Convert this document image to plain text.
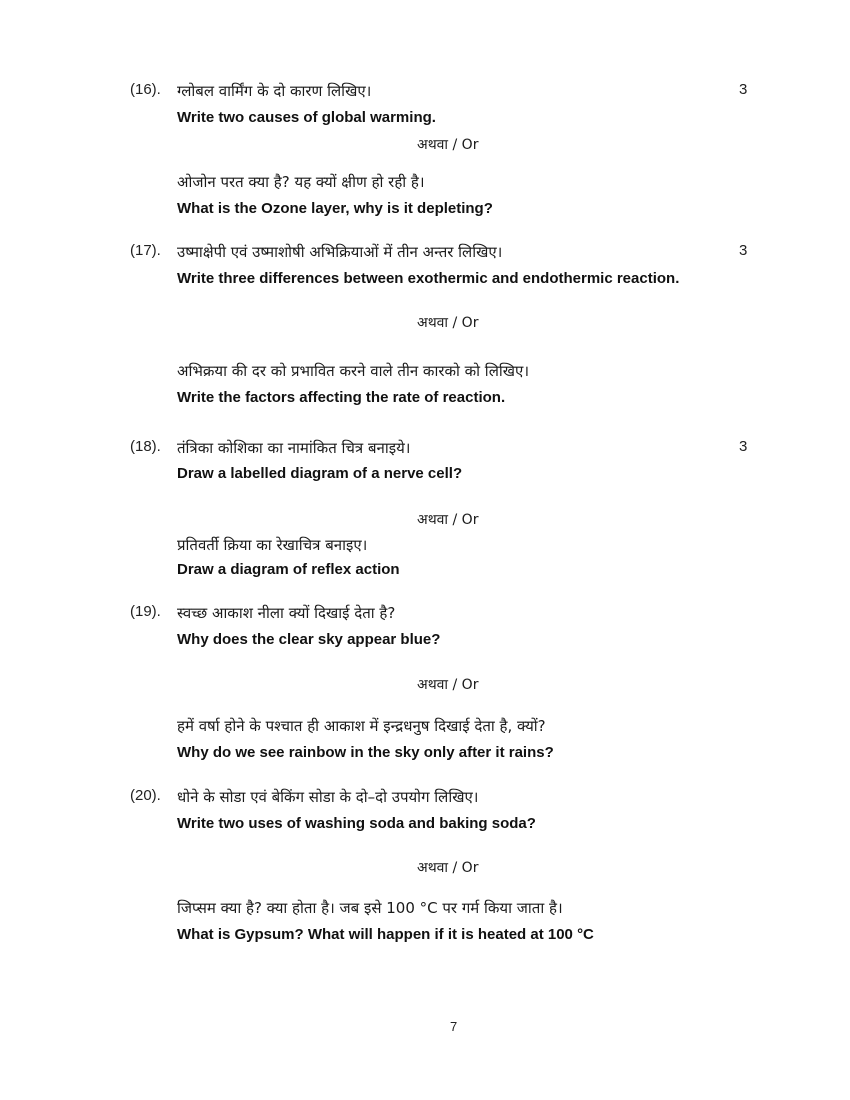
(16). ग्लोबल वार्मिंग के दो कारण लिखिए।	3
Write two causes of global warming.
अथवा / Or
ओजोन परत क्या है? यह क्यों क्षीण हो रही है।
What is the Ozone layer, why is it depleting?
(17). उष्माक्षेपी एवं उष्माशोषी अभिक्रियाओं में तीन अन्तर लिखिए।	3
Write three differences between exothermic and endothermic reaction.
अथवा / Or
अभिक्रया की दर को प्रभावित करने वाले तीन कारको को लिखिए।
Write the factors affecting the rate of reaction.
(18). तंत्रिका कोशिका का नामांकित चित्र बनाइये।	3
Draw a labelled diagram of a nerve cell?
अथवा / Or
प्रतिवर्ती क्रिया का रेखाचित्र बनाइए।
Draw a diagram of reflex action
(19). स्वच्छ आकाश नीला क्यों दिखाई देता है?
Why does the clear sky appear blue?
अथवा / Or
हमें वर्षा होने के पश्चात ही आकाश में इन्द्रधनुष दिखाई देता है, क्यों?
Why do we see rainbow in the sky only after it rains?
(20). धोने के सोडा एवं बेकिंग सोडा के दो–दो उपयोग लिखिए।
Write two uses of washing soda and baking soda?
अथवा / Or
जिप्सम क्या है? क्या होता है। जब इसे 100 °C पर गर्म किया जाता है।
What is Gypsum? What will happen if it is heated at 100 °C
7
